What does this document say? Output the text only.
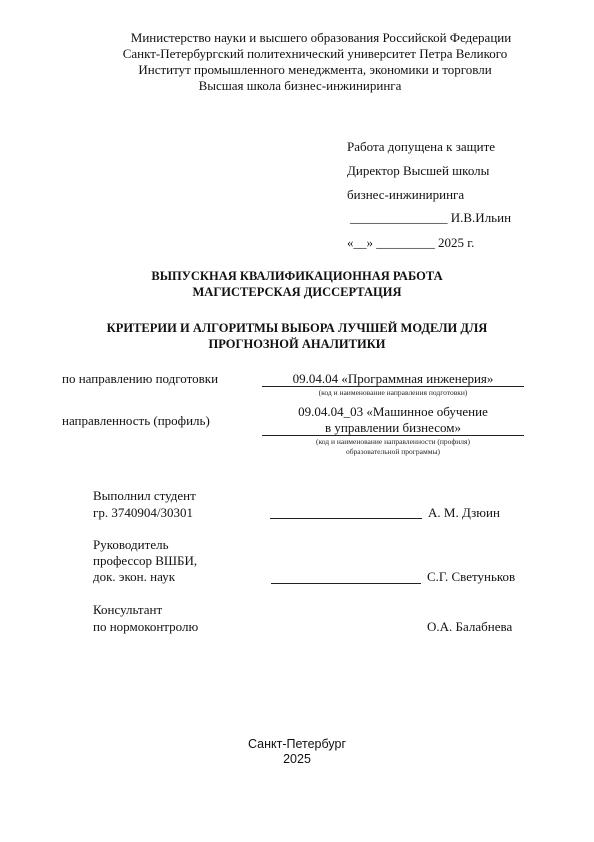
Министерство науки и высшего образования Российской Федерации
Санкт-Петербургский политехнический университет Петра Великого
Институт промышленного менеджмента, экономики и торговли
Высшая школа бизнес-инжиниринга
Работа допущена к защите
Директор Высшей школы
бизнес-инжиниринга
_______________ И.В.Ильин
«__» _________ 2025 г.
ВЫПУСКНАЯ КВАЛИФИКАЦИОННАЯ РАБОТА
МАГИСТЕРСКАЯ ДИССЕРТАЦИЯ
КРИТЕРИИ И АЛГОРИТМЫ ВЫБОРА ЛУЧШЕЙ МОДЕЛИ ДЛЯ
ПРОГНОЗНОЙ АНАЛИТИКИ
по направлению подготовки	09.04.04 «Программная инженерия»
(код и наименование направления подготовки)
направленность (профиль)
09.04.04_03 «Машинное обучение
в управлении бизнесом»
(код и наименование направленности (профиля)
образовательной программы)
Выполнил студент
гр. 3740904/30301	А. М. Дзюин
Руководитель
профессор ВШБИ,
док. экон. наук	С.Г. Светуньков
Консультант
по нормоконтролю	О.А. Балабнева
Санкт-Петербург
2025
